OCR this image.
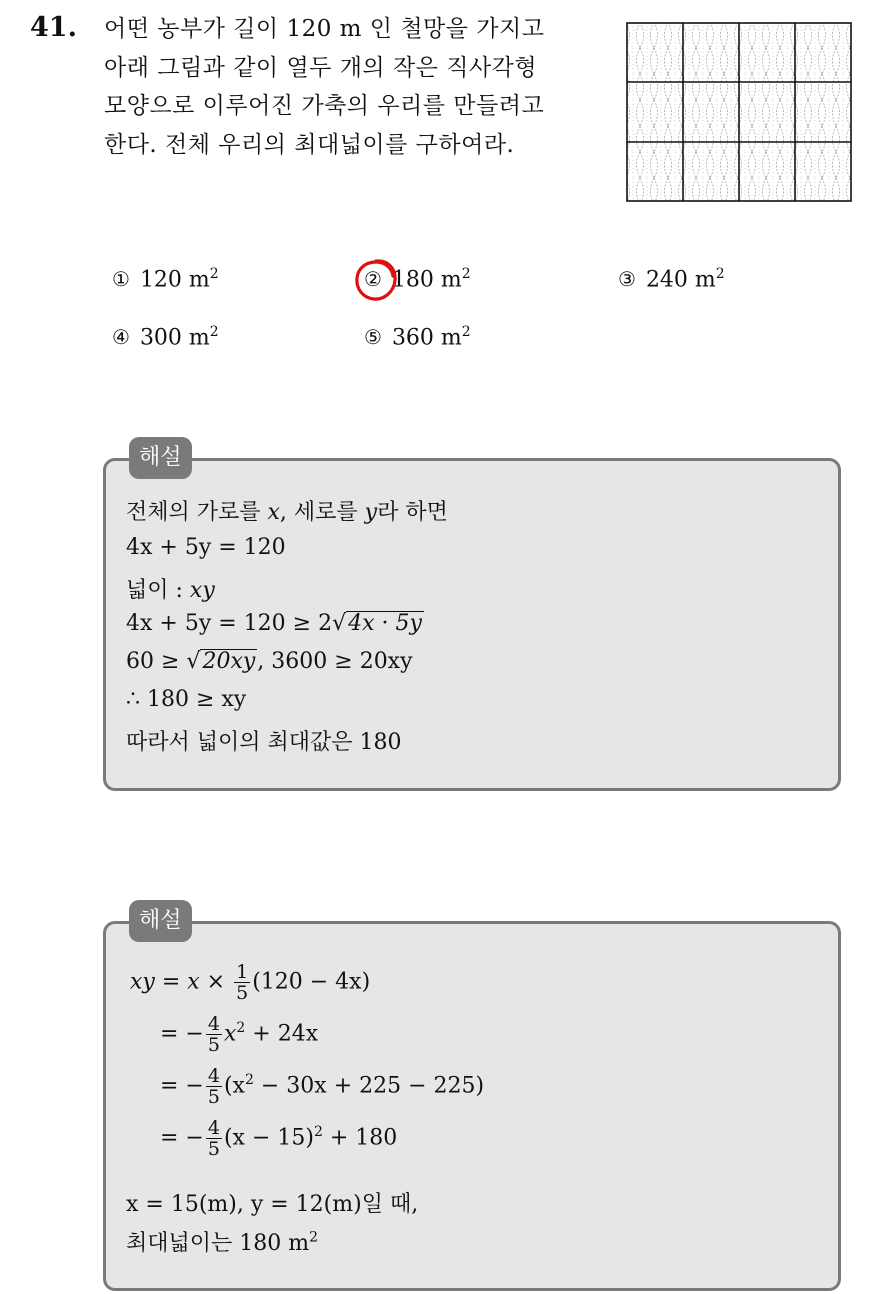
41. 어떤 농부가 길이 120 m 인 철망을 가지고
아래 그림과 같이 열두 개의 작은 직사각형
모양으로 이루어진 가축의 우리를 만들려고
한다. 전체 우리의 최대넓이를 구하여라.
① 120 $m^2$	② 180 $m^2$	③ 240 $m^2$
④ 300 $m^2$	⑤ 360 $m^2$
해설
전체의 가로를 x, 세로를 y라 하면
4x + 5y = 120
넓이 : xy
4x + 5y = 120 ≥ 2√4x · 5y
60 ≥ √20xy, 3600 ≥ 20xy
∴ 180 ≥ xy
따라서 넓이의 최대값은 180
해설
xy = $x \times \frac{1}{5} (120 - 4x)$
= − $\frac{4}{5} x^2 + 24x$
= − $\frac{4}{5} (x^2 - 30x + 225 - 225)$
= − $\frac{4}{5} (x - 15)^2 + 180$
x = 15(m), y = 12(m)일 때,
최대넓이는 180 $m^2$
